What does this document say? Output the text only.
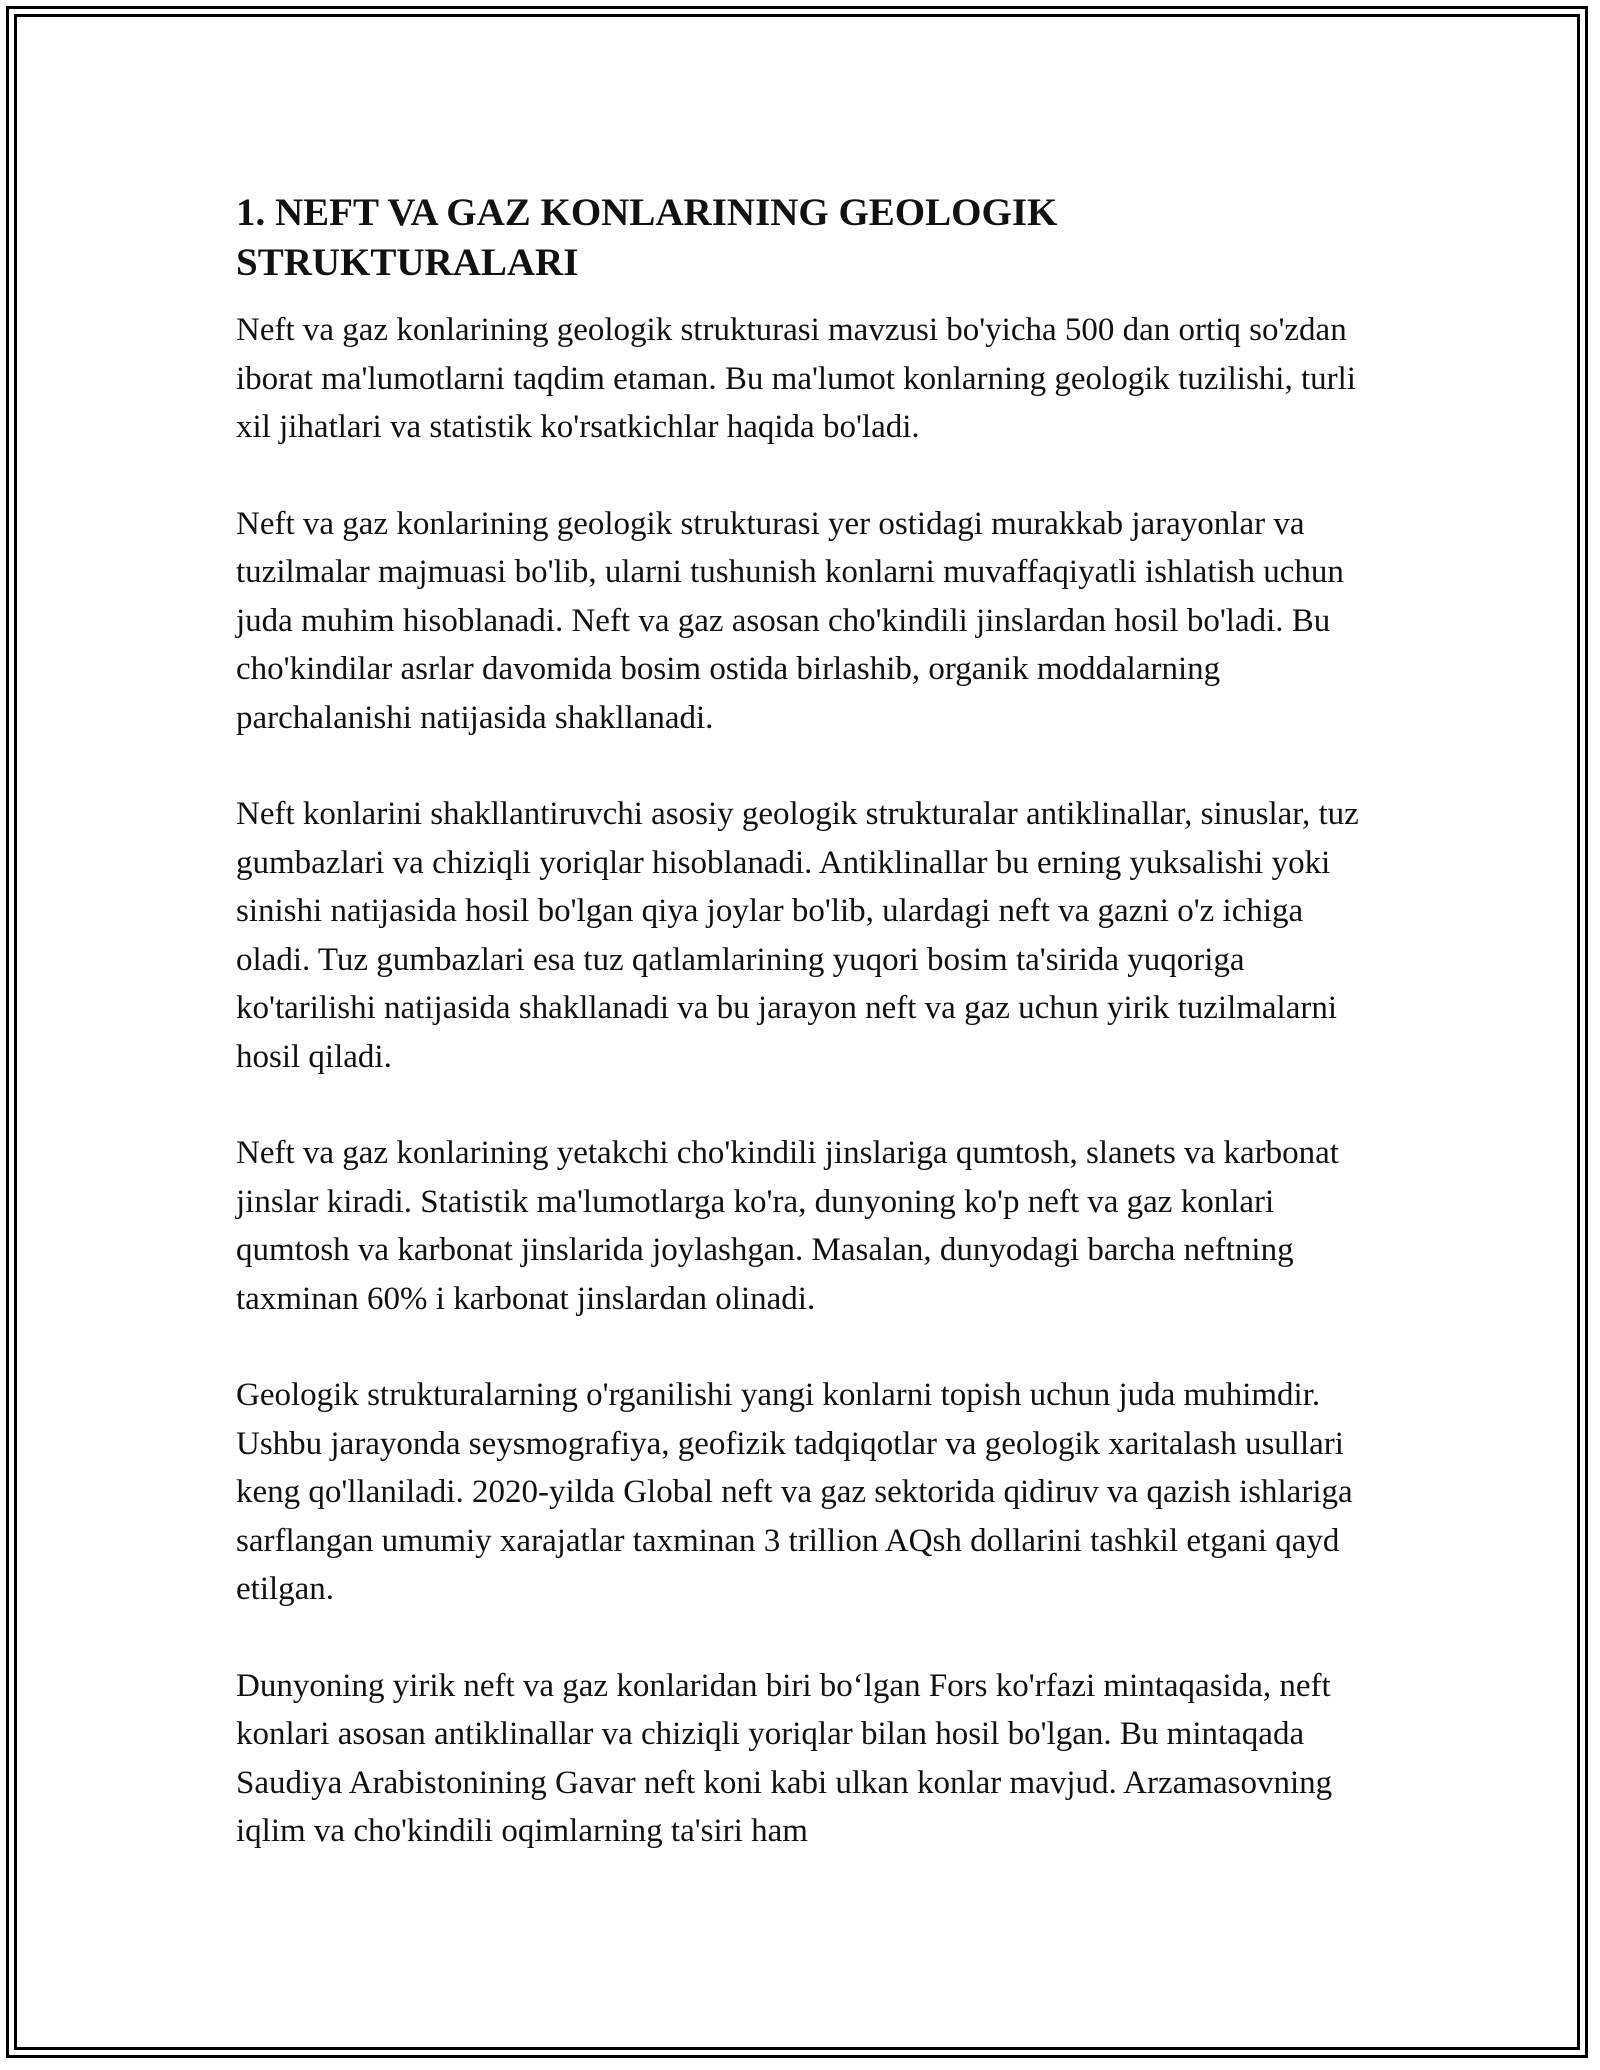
1. NEFT VA GAZ KONLARINING GEOLOGIK STRUKTURALARI

Neft va gaz konlarining geologik strukturasi mavzusi bo'yicha 500 dan ortiq so'zdan iborat ma'lumotlarni taqdim etaman. Bu ma'lumot konlarning geologik tuzilishi, turli xil jihatlari va statistik ko'rsatkichlar haqida bo'ladi.

Neft va gaz konlarining geologik strukturasi yer ostidagi murakkab jarayonlar va tuzilmalar majmuasi bo'lib, ularni tushunish konlarni muvaffaqiyatli ishlatish uchun juda muhim hisoblanadi. Neft va gaz asosan cho'kindili jinslardan hosil bo'ladi. Bu cho'kindilar asrlar davomida bosim ostida birlashib, organik moddalarning parchalanishi natijasida shakllanadi.

Neft konlarini shakllantiruvchi asosiy geologik strukturalar antiklinallar, sinuslar, tuz gumbazlari va chiziqli yoriqlar hisoblanadi. Antiklinallar bu erning yuksalishi yoki sinishi natijasida hosil bo'lgan qiya joylar bo'lib, ulardagi neft va gazni o'z ichiga oladi. Tuz gumbazlari esa tuz qatlamlarining yuqori bosim ta'sirida yuqoriga ko'tarilishi natijasida shakllanadi va bu jarayon neft va gaz uchun yirik tuzilmalarni hosil qiladi.

Neft va gaz konlarining yetakchi cho'kindili jinslariga qumtosh, slanets va karbonat jinslar kiradi. Statistik ma'lumotlarga ko'ra, dunyoning ko'p neft va gaz konlari qumtosh va karbonat jinslarida joylashgan. Masalan, dunyodagi barcha neftning taxminan 60% i karbonat jinslardan olinadi.

Geologik strukturalarning o'rganilishi yangi konlarni topish uchun juda muhimdir. Ushbu jarayonda seysmografiya, geofizik tadqiqotlar va geologik xaritalash usullari keng qo'llaniladi. 2020-yilda Global neft va gaz sektorida qidiruv va qazish ishlariga sarflangan umumiy xarajatlar taxminan 3 trillion AQsh dollarini tashkil etgani qayd etilgan.

Dunyoning yirik neft va gaz konlaridan biri bo‘lgan Fors ko'rfazi mintaqasida, neft konlari asosan antiklinallar va chiziqli yoriqlar bilan hosil bo'lgan. Bu mintaqada Saudiya Arabistonining Gavar neft koni kabi ulkan konlar mavjud. Arzamasovning iqlim va cho'kindili oqimlarning ta'siri ham
